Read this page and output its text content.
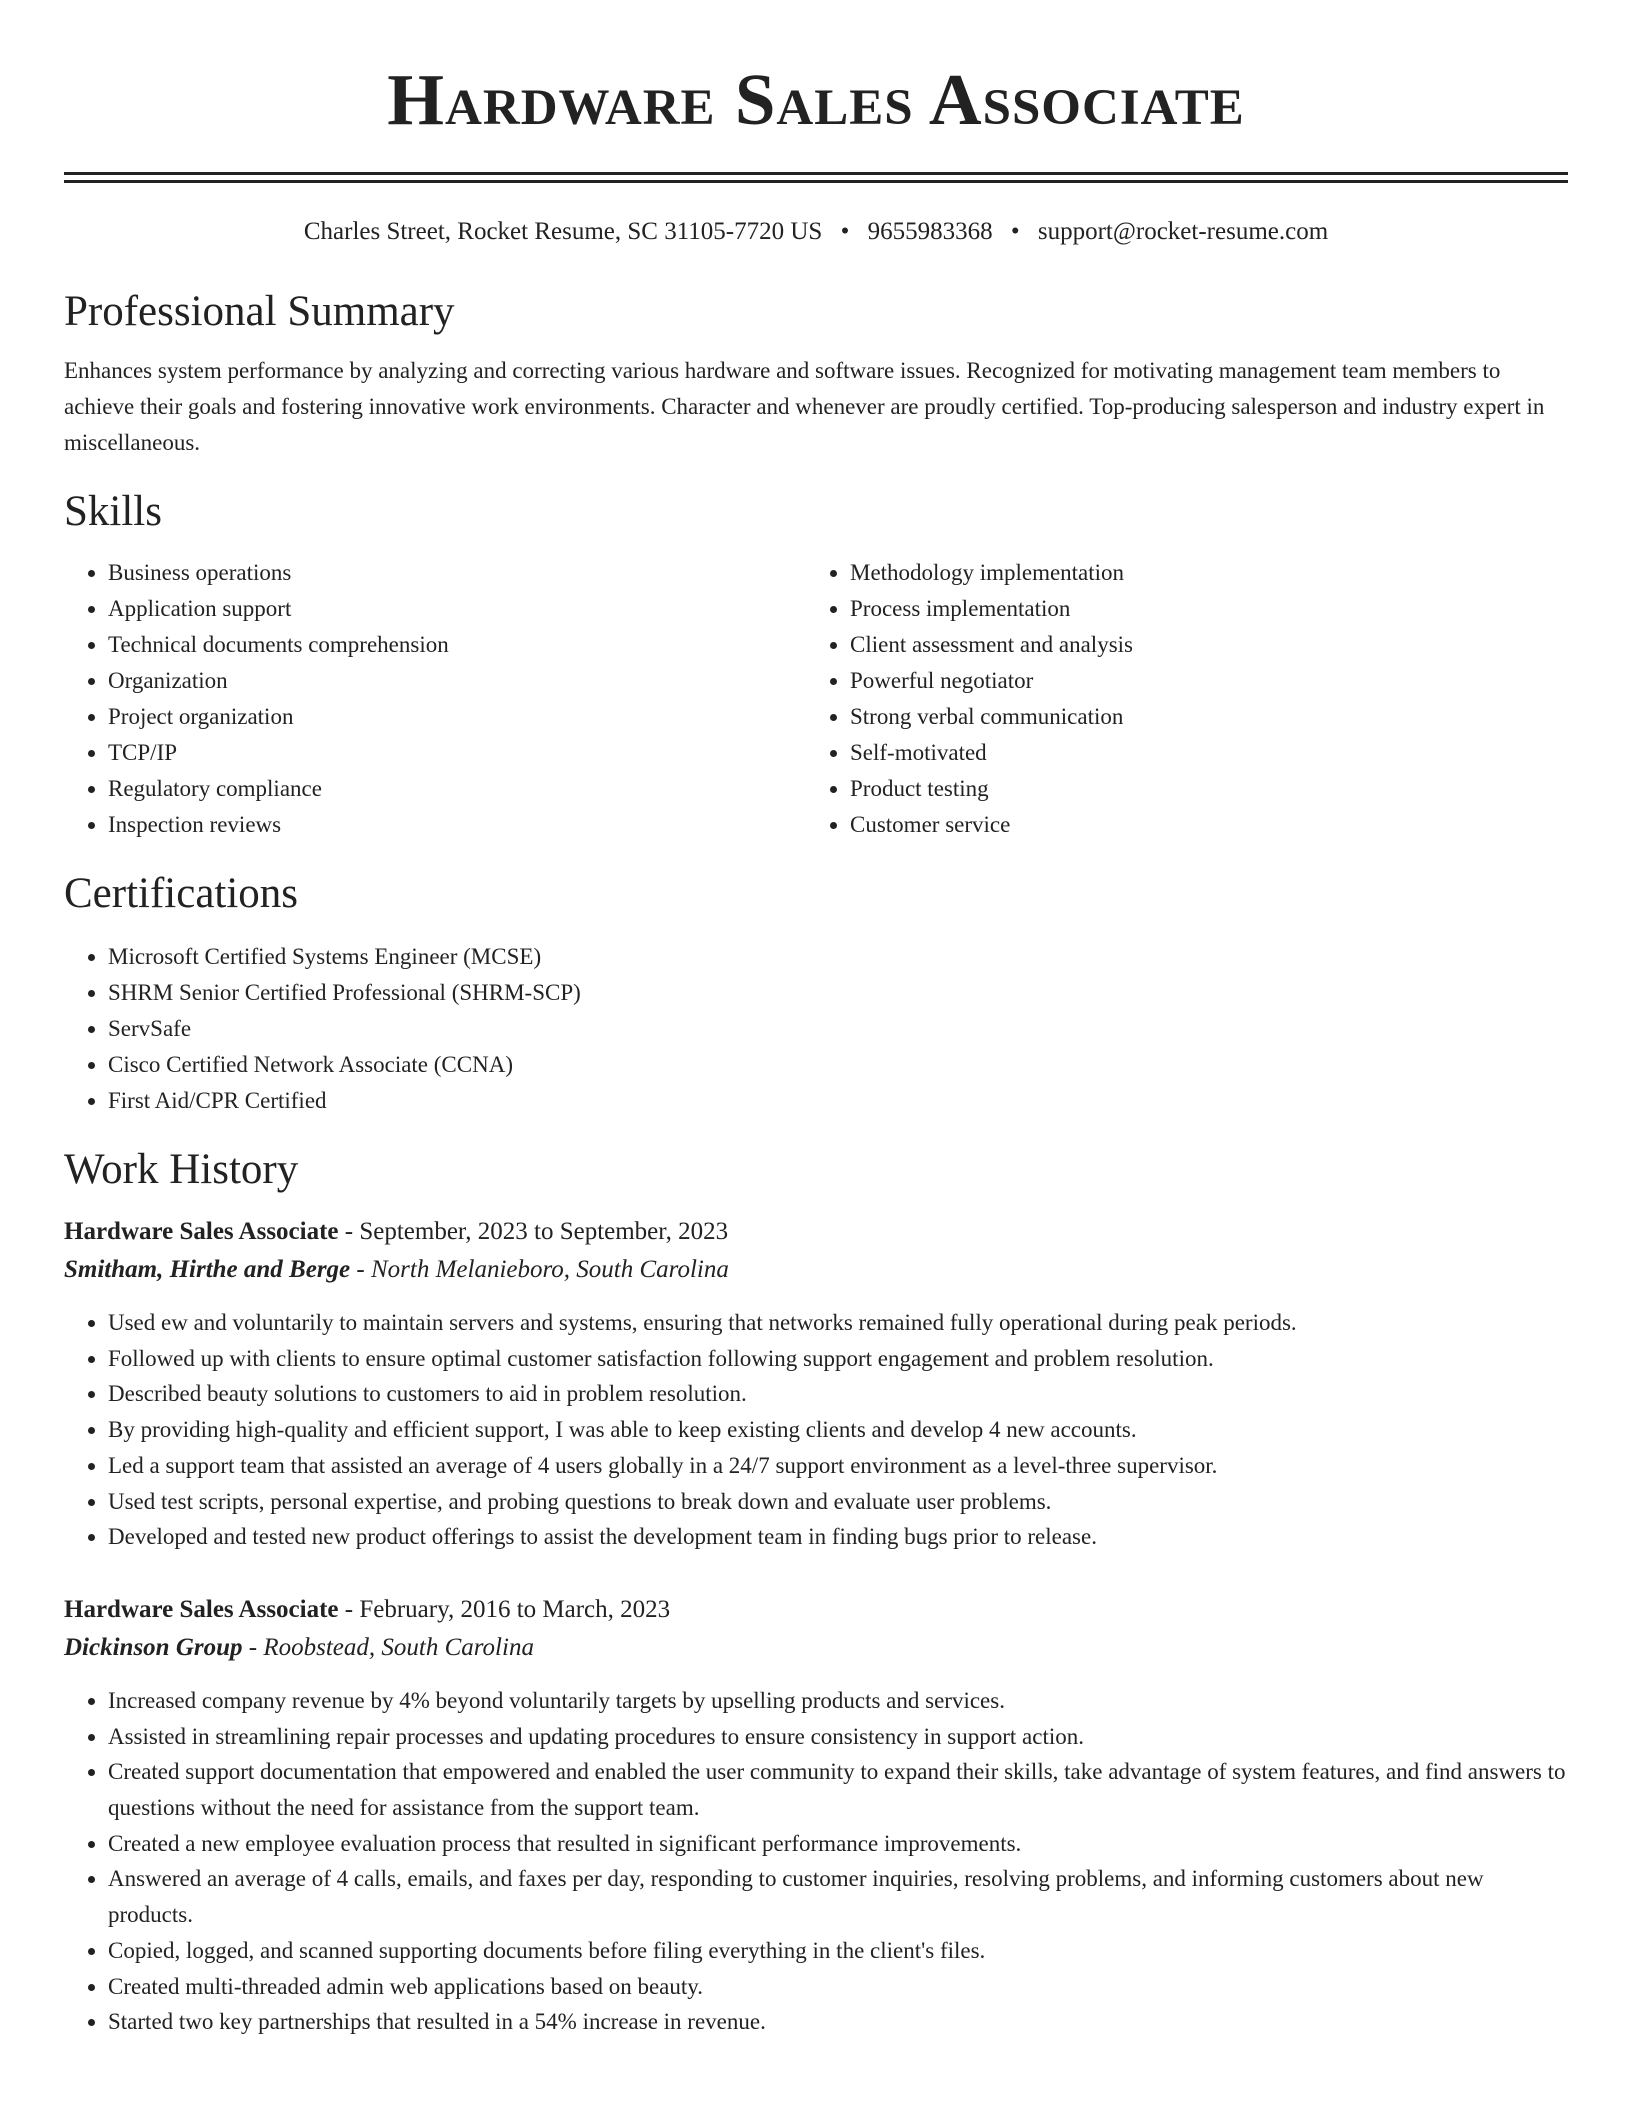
Hardware Sales Associate
Charles Street, Rocket Resume, SC 31105-7720 US • 9655983368 • support@rocket-resume.com
Professional Summary

Enhances system performance by analyzing and correcting various hardware and software issues. Recognized for motivating management team members to achieve their goals and fostering innovative work environments. Character and whenever are proudly certified. Top-producing salesperson and industry expert in miscellaneous.

Skills
• Business operations
• Application support
• Technical documents comprehension
• Organization
• Project organization
• TCP/IP
• Regulatory compliance
• Inspection reviews
• Methodology implementation
• Process implementation
• Client assessment and analysis
• Powerful negotiator
• Strong verbal communication
• Self-motivated
• Product testing
• Customer service
Certifications
• Microsoft Certified Systems Engineer (MCSE)
• SHRM Senior Certified Professional (SHRM-SCP)
• ServSafe
• Cisco Certified Network Associate (CCNA)
• First Aid/CPR Certified
Work History
Hardware Sales Associate - September, 2023 to September, 2023
Smitham, Hirthe and Berge - North Melanieboro, South Carolina
• Used ew and voluntarily to maintain servers and systems, ensuring that networks remained fully operational during peak periods.
• Followed up with clients to ensure optimal customer satisfaction following support engagement and problem resolution.
• Described beauty solutions to customers to aid in problem resolution.
• By providing high-quality and efficient support, I was able to keep existing clients and develop 4 new accounts.
• Led a support team that assisted an average of 4 users globally in a 24/7 support environment as a level-three supervisor.
• Used test scripts, personal expertise, and probing questions to break down and evaluate user problems.
• Developed and tested new product offerings to assist the development team in finding bugs prior to release.
Hardware Sales Associate - February, 2016 to March, 2023
Dickinson Group - Roobstead, South Carolina
• Increased company revenue by 4% beyond voluntarily targets by upselling products and services.
• Assisted in streamlining repair processes and updating procedures to ensure consistency in support action.
• Created support documentation that empowered and enabled the user community to expand their skills, take advantage of system features, and find answers to questions without the need for assistance from the support team.
• Created a new employee evaluation process that resulted in significant performance improvements.
• Answered an average of 4 calls, emails, and faxes per day, responding to customer inquiries, resolving problems, and informing customers about new products.
• Copied, logged, and scanned supporting documents before filing everything in the client's files.
• Created multi-threaded admin web applications based on beauty.
• Started two key partnerships that resulted in a 54% increase in revenue.
